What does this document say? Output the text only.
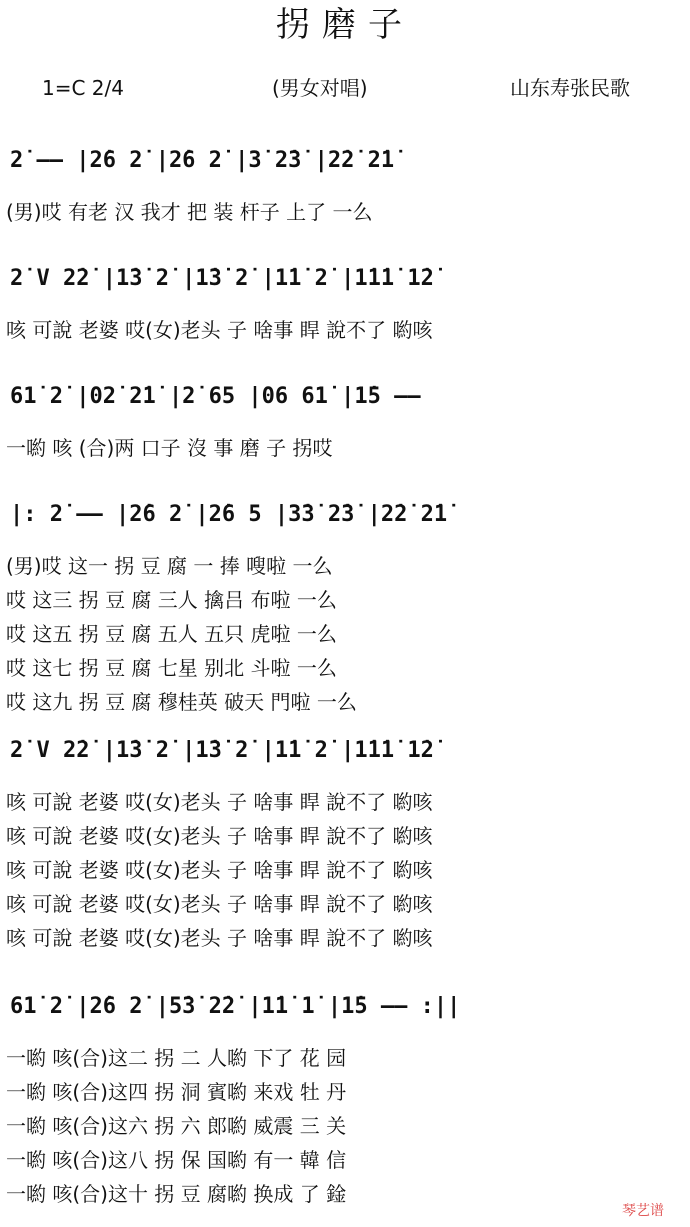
拐磨子
1=C 2/4	(男女对唱)	山东寿张民歌
2̇ —— |2̇6 2̇ |2̇6 2̇ |3̇ 2̇3̇ |2̇2̇ 2̇1̇
(男)哎 有老 汉 我才 把 装 杆子 上了 一么
2̇ V 2̇2̇ |1̇3̇ 2̇ |1̇3̇ 2̇ |1̇1̇ 2̇ |1̇1̇1̇ 1̇2̇
咳 可說 老婆 哎(女)老头 子 啥事 睅 說不了 喲咳
61̇ 2̇ |02̇ 2̇1̇ |2̇ 65 |06 61̇ |1̇5 ——
一喲 咳 (合)两 口子 沒 事 磨 子 拐哎
|: 2̇ —— |2̇6 2̇ |2̇6 5 |3̇3̇ 2̇3̇ |2̇2̇ 2̇1̇
(男)哎 这一 拐 豆 腐 一 捧 嗖啦 一么
哎 这三 拐 豆 腐 三人 擒吕 布啦 一么
哎 这五 拐 豆 腐 五人 五只 虎啦 一么
哎 这七 拐 豆 腐 七星 别北 斗啦 一么
哎 这九 拐 豆 腐 穆桂英 破天 門啦 一么
2̇ V 2̇2̇ |1̇3̇ 2̇ |1̇3̇ 2̇ |1̇1̇ 2̇ |1̇1̇1̇ 1̇2̇
咳 可說 老婆 哎(女)老头 子 啥事 睅 說不了 喲咳
咳 可說 老婆 哎(女)老头 子 啥事 睅 說不了 喲咳
咳 可說 老婆 哎(女)老头 子 啥事 睅 說不了 喲咳
咳 可說 老婆 哎(女)老头 子 啥事 睅 說不了 喲咳
咳 可說 老婆 哎(女)老头 子 啥事 睅 說不了 喲咳
61̇ 2̇ |2̇6 2̇ |5̇3̇ 2̇2̇ |1̇1̇ 1̇ |1̇5 —— :||
一喲 咳(合)这二 拐 二 人喲 下了 花 园
一喲 咳(合)这四 拐 洞 賓喲 来戏 牡 丹
一喲 咳(合)这六 拐 六 郎喲 威震 三 关
一喲 咳(合)这八 拐 保 国喲 有一 韓 信
一喲 咳(合)这十 拐 豆 腐喲 换成 了 鍂
琴艺谱
